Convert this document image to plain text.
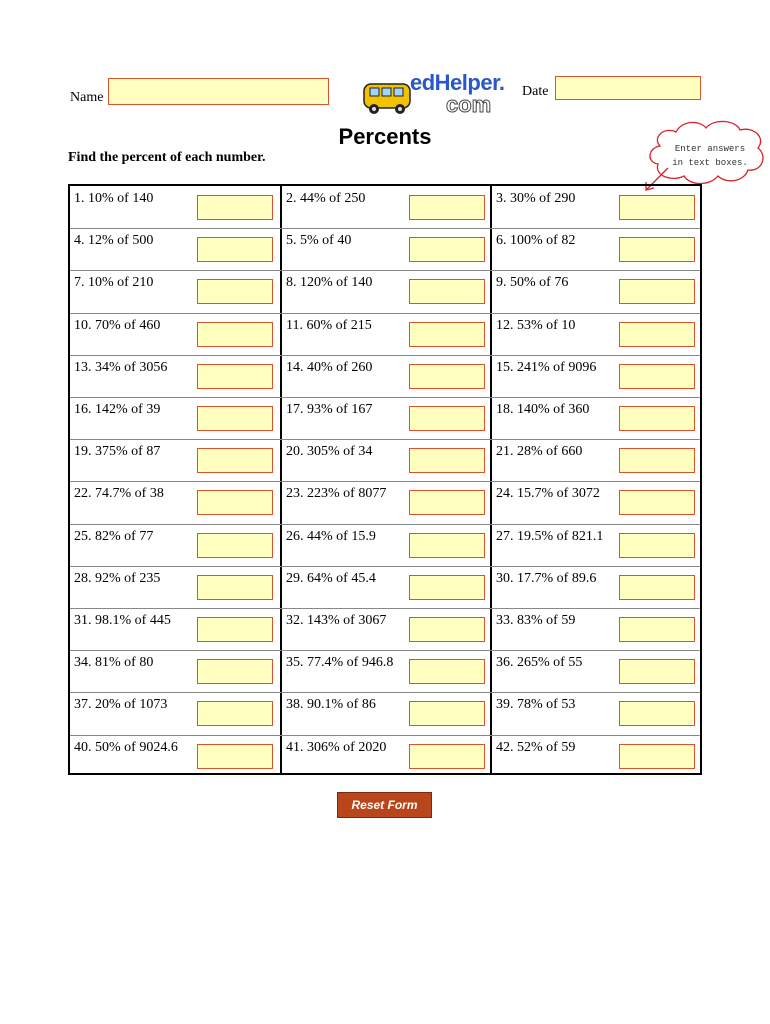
Name
edHelper.
com
Date
Percents
Find the percent of each number.
Enter answers
in text boxes.
1. 10% of 140	2. 44% of 250	3. 30% of 290
4. 12% of 500	5. 5% of 40	6. 100% of 82
7. 10% of 210	8. 120% of 140	9. 50% of 76
10. 70% of 460	11. 60% of 215	12. 53% of 10
13. 34% of 3056	14. 40% of 260	15. 241% of 9096
16. 142% of 39	17. 93% of 167	18. 140% of 360
19. 375% of 87	20. 305% of 34	21. 28% of 660
22. 74.7% of 38	23. 223% of 8077	24. 15.7% of 3072
25. 82% of 77	26. 44% of 15.9	27. 19.5% of 821.1
28. 92% of 235	29. 64% of 45.4	30. 17.7% of 89.6
31. 98.1% of 445	32. 143% of 3067	33. 83% of 59
34. 81% of 80	35. 77.4% of 946.8	36. 265% of 55
37. 20% of 1073	38. 90.1% of 86	39. 78% of 53
40. 50% of 9024.6	41. 306% of 2020	42. 52% of 59
Reset Form
